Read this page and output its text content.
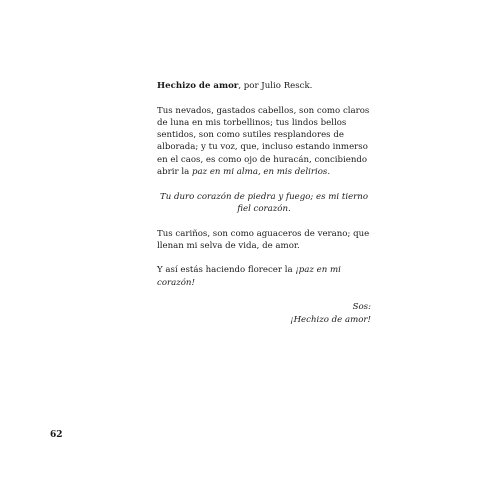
Hechizo de amor, por Julio Resck.

Tus nevados, gastados cabellos, son como claros de luna en mis torbellinos; tus lindos bellos sentidos, son como sutiles resplandores de alborada; y tu voz, que, incluso estando inmerso en el caos, es como ojo de huracán, concibiendo abrir la paz en mi alma, en mis delirios.

Tu duro corazón de piedra y fuego; es mi tierno fiel corazón.

Tus cariños, son como aguaceros de verano; que llenan mi selva de vida, de amor.

Y así estás haciendo florecer la ¡paz en mi corazón!

Sos:
¡Hechizo de amor!
62
